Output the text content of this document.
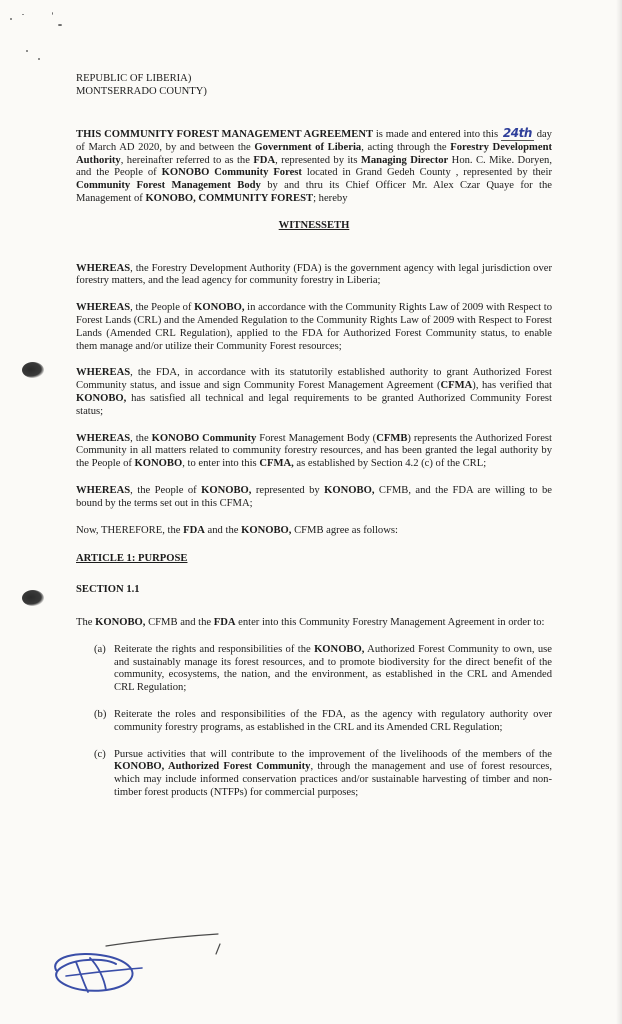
REPUBLIC OF LIBERIA)
MONTSERRADO COUNTY)

THIS COMMUNITY FOREST MANAGEMENT AGREEMENT is made and entered into this 24th day of March AD 2020, by and between the Government of Liberia, acting through the Forestry Development Authority, hereinafter referred to as the FDA, represented by its Managing Director Hon. C. Mike. Doryen, and the People of KONOBO Community Forest located in Grand Gedeh County , represented by their Community Forest Management Body by and thru its Chief Officer Mr. Alex Czar Quaye for the Management of KONOBO, COMMUNITY FOREST; hereby

WITNESSETH

WHEREAS, the Forestry Development Authority (FDA) is the government agency with legal jurisdiction over forestry matters, and the lead agency for community forestry in Liberia;

WHEREAS, the People of KONOBO, in accordance with the Community Rights Law of 2009 with Respect to Forest Lands (CRL) and the Amended Regulation to the Community Rights Law of 2009 with Respect to Forest Lands (Amended CRL Regulation), applied to the FDA for Authorized Forest Community status, to enable them manage and/or utilize their Community Forest resources;

WHEREAS, the FDA, in accordance with its statutorily established authority to grant Authorized Forest Community status, and issue and sign Community Forest Management Agreement (CFMA), has verified that KONOBO, has satisfied all technical and legal requirements to be granted Authorized Community Forest status;

WHEREAS, the KONOBO Community Forest Management Body (CFMB) represents the Authorized Forest Community in all matters related to community forestry resources, and has been granted the legal authority by the People of KONOBO, to enter into this CFMA, as established by Section 4.2 (c) of the CRL;

WHEREAS, the People of KONOBO, represented by KONOBO, CFMB, and the FDA are willing to be bound by the terms set out in this CFMA;

Now, THEREFORE, the FDA and the KONOBO, CFMB agree as follows:

ARTICLE 1: PURPOSE
SECTION 1.1

The KONOBO, CFMB and the FDA enter into this Community Forestry Management Agreement in order to:

(a) Reiterate the rights and responsibilities of the KONOBO, Authorized Forest Community to own, use and sustainably manage its forest resources, and to promote biodiversity for the direct benefit of the community, ecosystems, the nation, and the environment, as established in the CRL and Amended CRL Regulation;
(b) Reiterate the roles and responsibilities of the FDA, as the agency with regulatory authority over community forestry programs, as established in the CRL and its Amended CRL Regulation;
(c) Pursue activities that will contribute to the improvement of the livelihoods of the members of the KONOBO, Authorized Forest Community, through the management and use of forest resources, which may include informed conservation practices and/or sustainable harvesting of timber and non-timber forest products (NTFPs) for commercial purposes;
